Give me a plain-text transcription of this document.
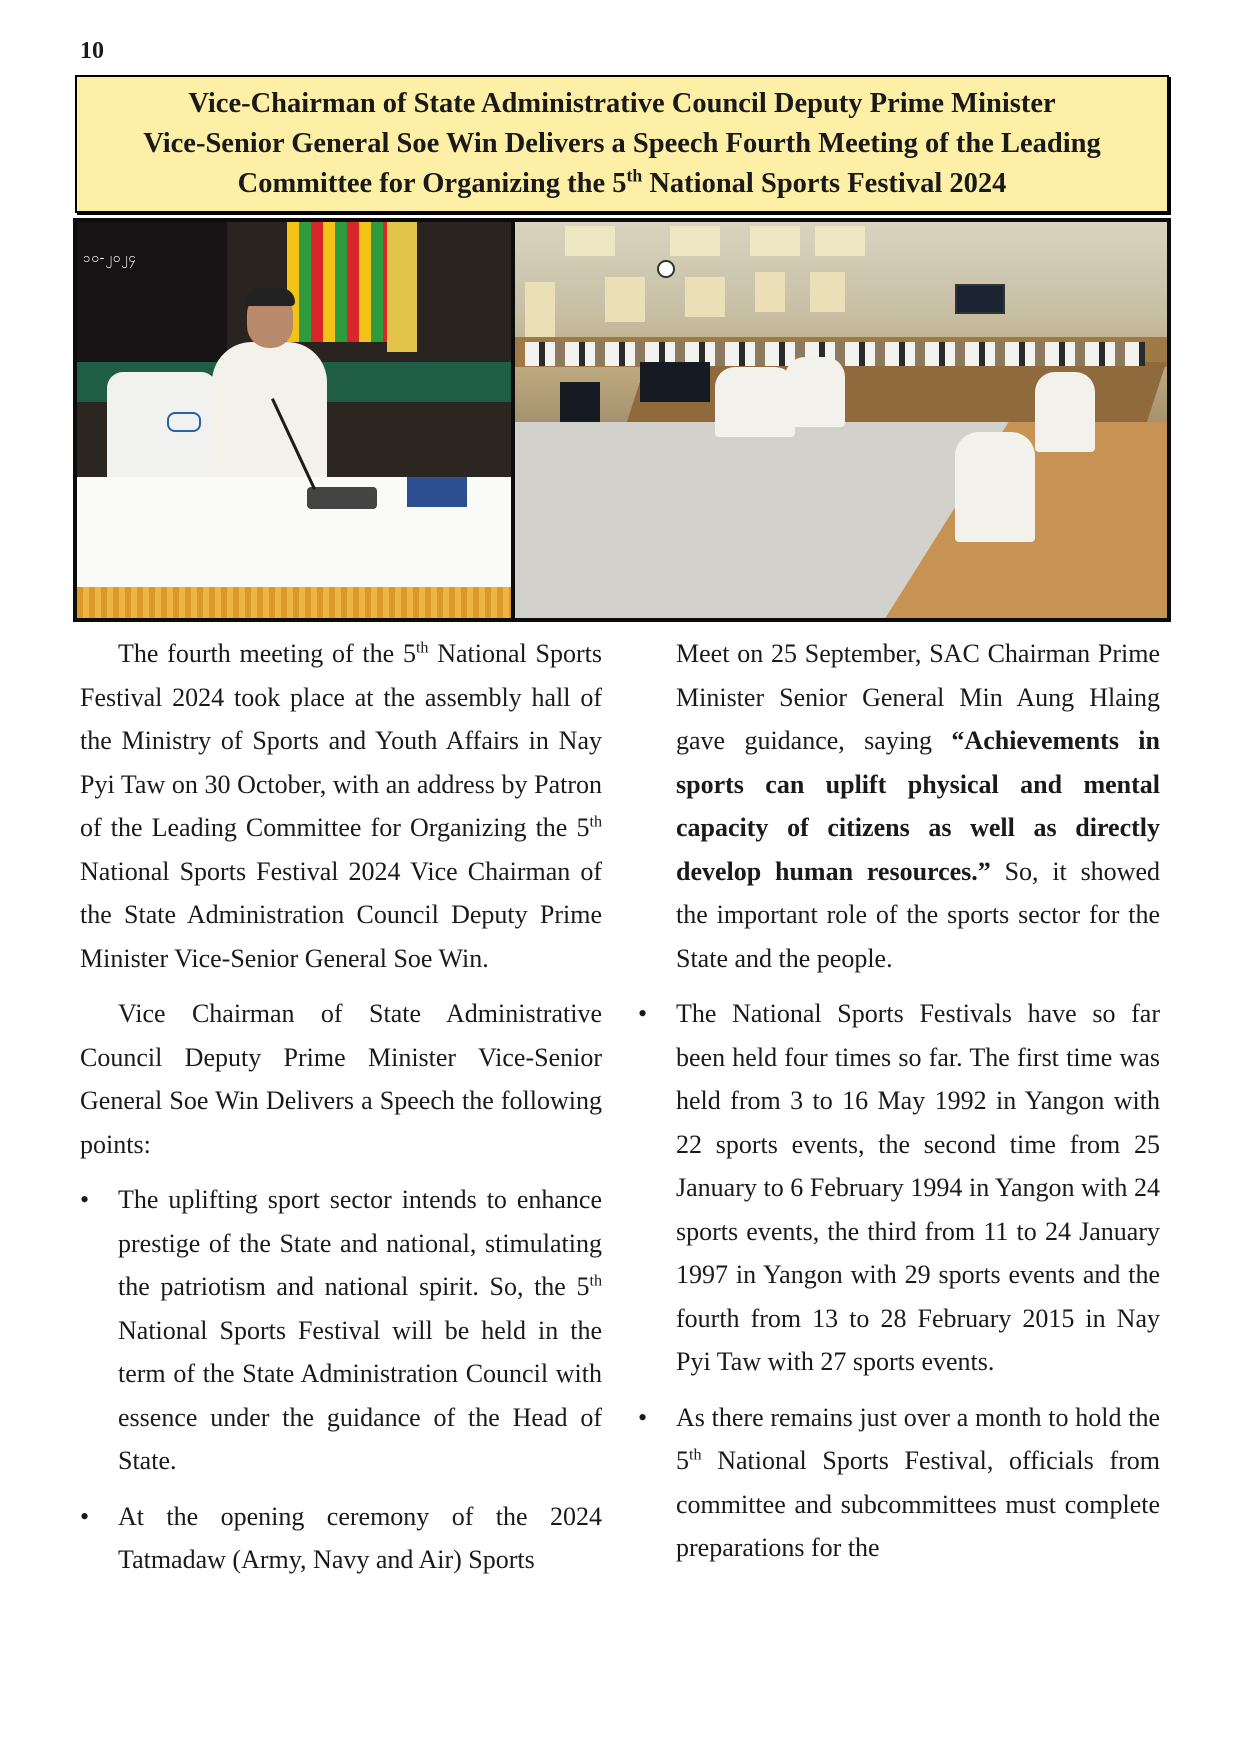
10
Vice-Chairman of State Administrative Council Deputy Prime Minister
Vice-Senior General Soe Win Delivers a Speech Fourth Meeting of the Leading
Committee for Organizing the 5th National Sports Festival 2024
၁၀-၂၀၂၄

The fourth meeting of the 5th National Sports Festival 2024 took place at the assembly hall of the Ministry of Sports and Youth Affairs in Nay Pyi Taw on 30 October, with an address by Patron of the Leading Committee for Organizing the 5th National Sports Festival 2024 Vice Chairman of the State Administration Council Deputy Prime Minister Vice-Senior General Soe Win.

Vice Chairman of State Administrative Council Deputy Prime Minister Vice-Senior General Soe Win Delivers a Speech the following points:

• The uplifting sport sector intends to enhance prestige of the State and national, stimulating the patriotism and national spirit. So, the 5th National Sports Festival will be held in the term of the State Administration Council with essence under the guidance of the Head of State.

• At the opening ceremony of the 2024 Tatmadaw (Army, Navy and Air) Sports

Meet on 25 September, SAC Chairman Prime Minister Senior General Min Aung Hlaing gave guidance, saying “Achievements in sports can uplift physical and mental capacity of citizens as well as directly develop human resources.” So, it showed the important role of the sports sector for the State and the people.

• The National Sports Festivals have so far been held four times so far. The first time was held from 3 to 16 May 1992 in Yangon with 22 sports events, the second time from 25 January to 6 February 1994 in Yangon with 24 sports events, the third from 11 to 24 January 1997 in Yangon with 29 sports events and the fourth from 13 to 28 February 2015 in Nay Pyi Taw with 27 sports events.

• As there remains just over a month to hold the 5th National Sports Festival, officials from committee and subcommittees must complete preparations for the
